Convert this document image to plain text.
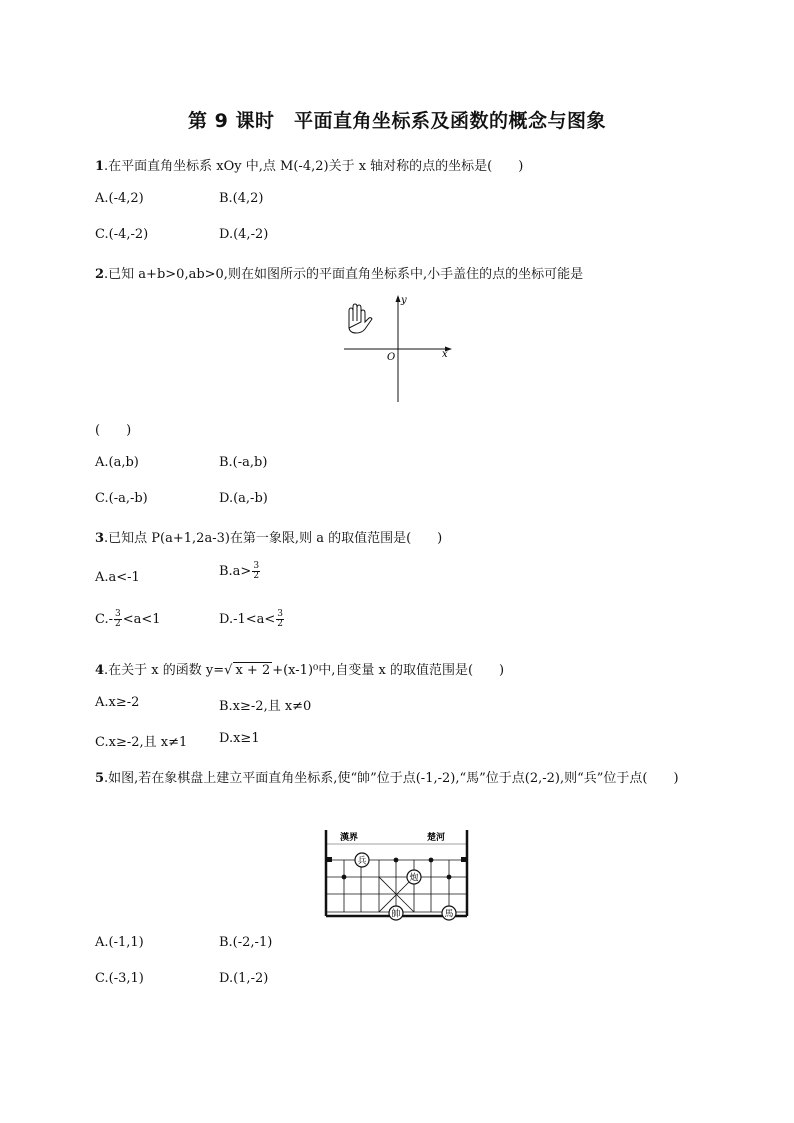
第 9 课时　平面直角坐标系及函数的概念与图象
1.在平面直角坐标系 xOy 中,点 M(-4,2)关于 x 轴对称的点的坐标是(　　)
A.(-4,2)	B.(4,2)
C.(-4,-2)	D.(4,-2)
2.已知 a+b>0,ab>0,则在如图所示的平面直角坐标系中,小手盖住的点的坐标可能是
x
y
O
(　　)
A.(a,b)	B.(-a,b)
C.(-a,-b)	D.(a,-b)
3.已知点 P(a+1,2a-3)在第一象限,则 a 的取值范围是(　　)
A.a<-1	$B.a> \frac{3}{2}$
$C.- \frac{3}{2} <a<1$	$D.-1<a< \frac{3}{2}$
4.在关于 x 的函数 y=√ x + 2 +(x-1)⁰中,自变量 x 的取值范围是(　　)
A.x≥-2	B.x≥-2,且 x≠0
C.x≥-2,且 x≠1 D.x≥1
5.如图,若在象棋盘上建立平面直角坐标系,使“帥”位于点(-1,-2),“馬”位于点(2,-2),则“兵”位于点(　　)
漢界	楚河
兵
炮
帥	馬
A.(-1,1)	B.(-2,-1)
C.(-3,1)	D.(1,-2)
